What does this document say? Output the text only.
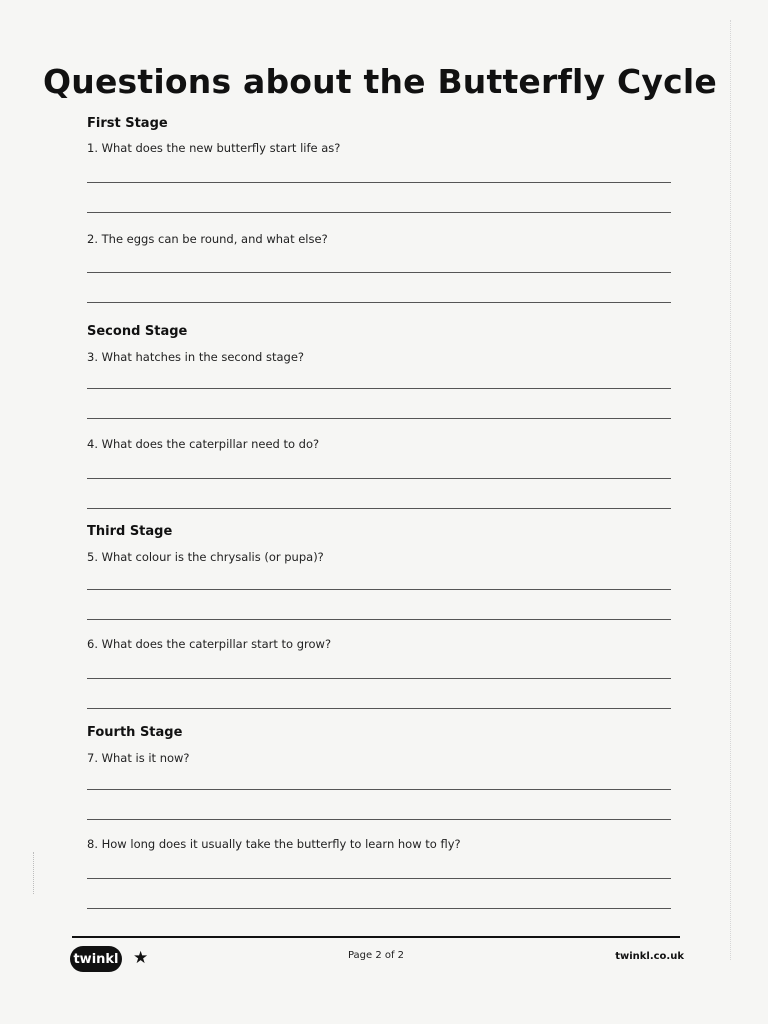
Questions about the Butterfly Cycle
First Stage
1. What does the new butterfly start life as?
2. The eggs can be round, and what else?
Second Stage
3. What hatches in the second stage?
4. What does the caterpillar need to do?
Third Stage
5. What colour is the chrysalis (or pupa)?
6. What does the caterpillar start to grow?
Fourth Stage
7. What is it now?
8. How long does it usually take the butterfly to learn how to fly?
twinkl ★	Page 2 of 2	twinkl.co.uk
